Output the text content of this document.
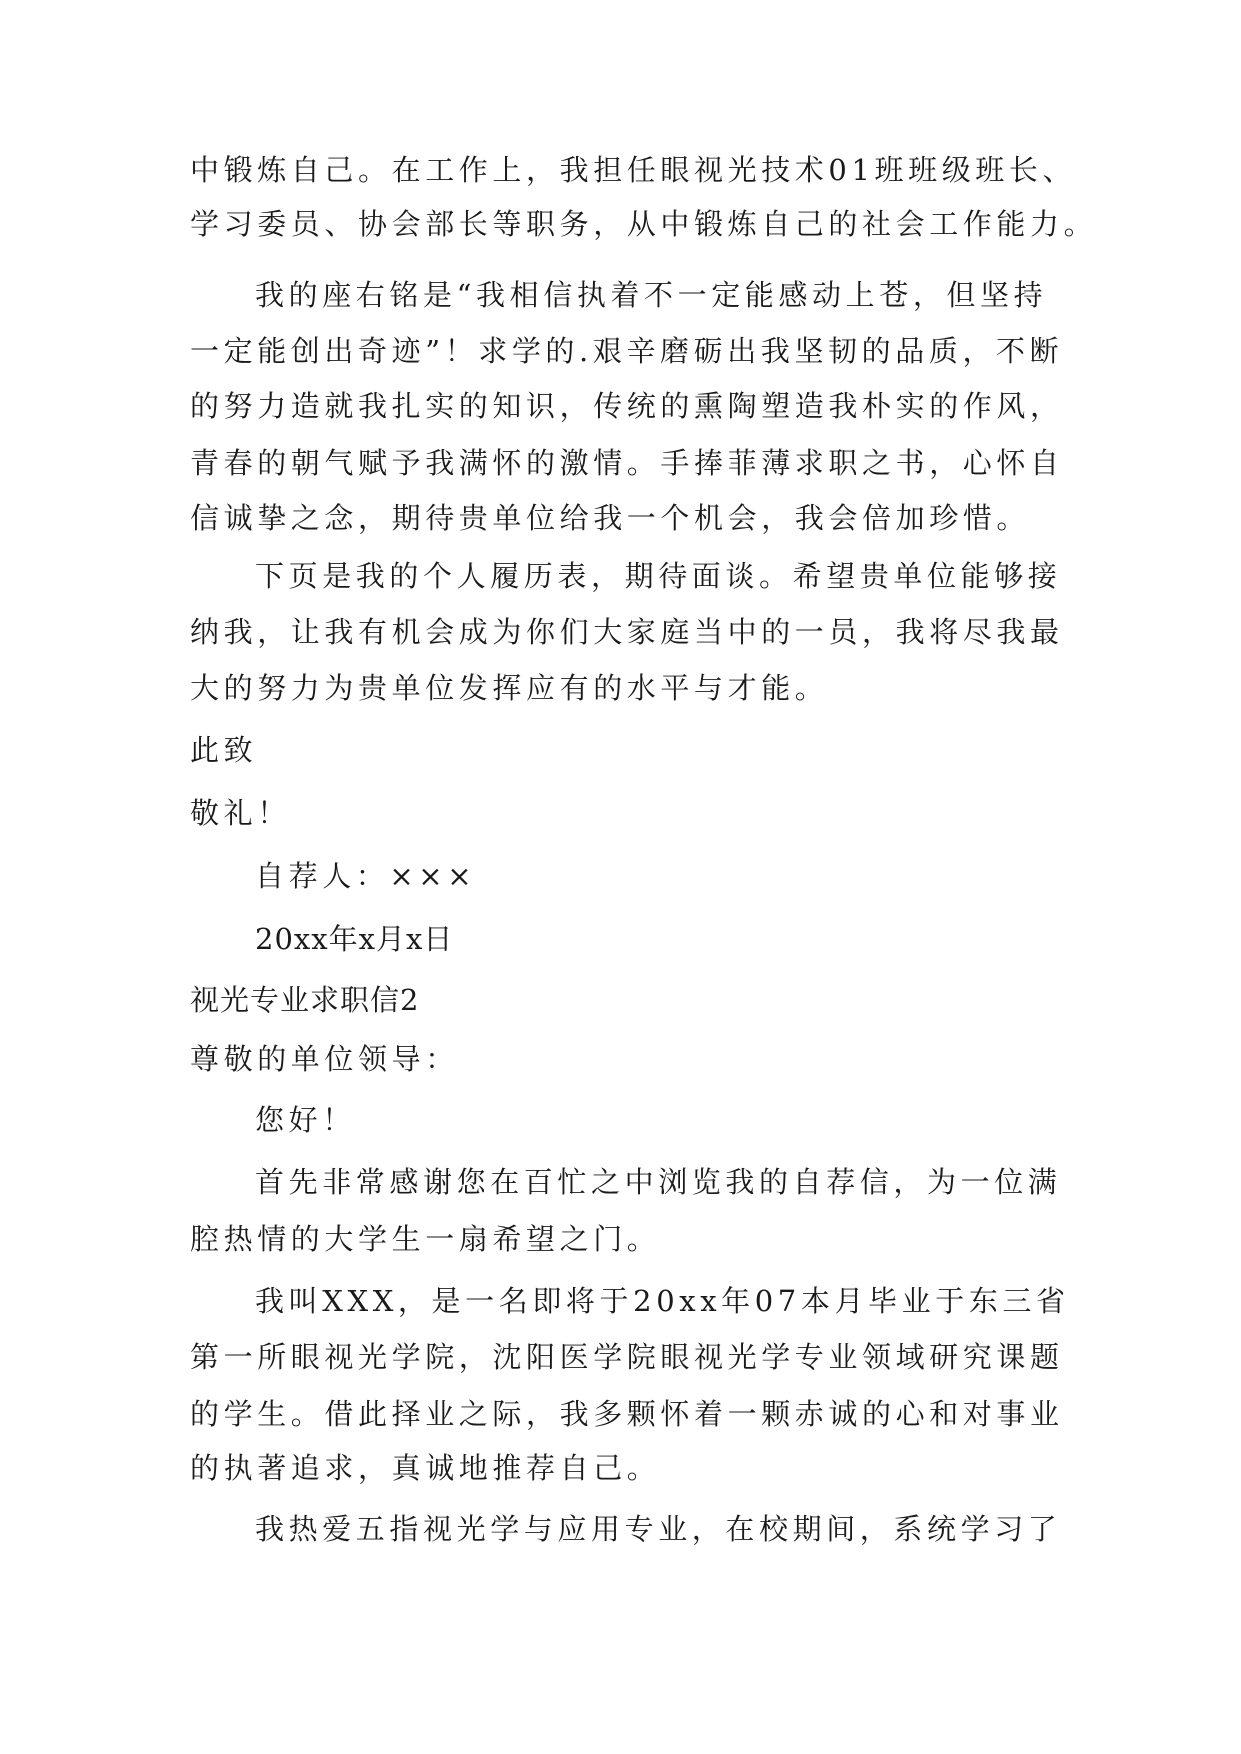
中锻炼自己。在工作上，我担任眼视光技术01班班级班长、
学习委员、协会部长等职务，从中锻炼自己的社会工作能力。
我的座右铭是“我相信执着不一定能感动上苍，但坚持
一定能创出奇迹”！求学的.艰辛磨砺出我坚韧的品质，不断
的努力造就我扎实的知识，传统的熏陶塑造我朴实的作风，
青春的朝气赋予我满怀的激情。手捧菲薄求职之书，心怀自
信诚挚之念，期待贵单位给我一个机会，我会倍加珍惜。
下页是我的个人履历表，期待面谈。希望贵单位能够接
纳我，让我有机会成为你们大家庭当中的一员，我将尽我最
大的努力为贵单位发挥应有的水平与才能。
此致
敬礼！
自荐人：×××
20xx年x月x日
视光专业求职信2
尊敬的单位领导：
您好！
首先非常感谢您在百忙之中浏览我的自荐信，为一位满
腔热情的大学生一扇希望之门。
我叫XXX，是一名即将于20xx年07本月毕业于东三省
第一所眼视光学院，沈阳医学院眼视光学专业领域研究课题
的学生。借此择业之际，我多颗怀着一颗赤诚的心和对事业
的执著追求，真诚地推荐自己。
我热爱五指视光学与应用专业，在校期间，系统学习了
